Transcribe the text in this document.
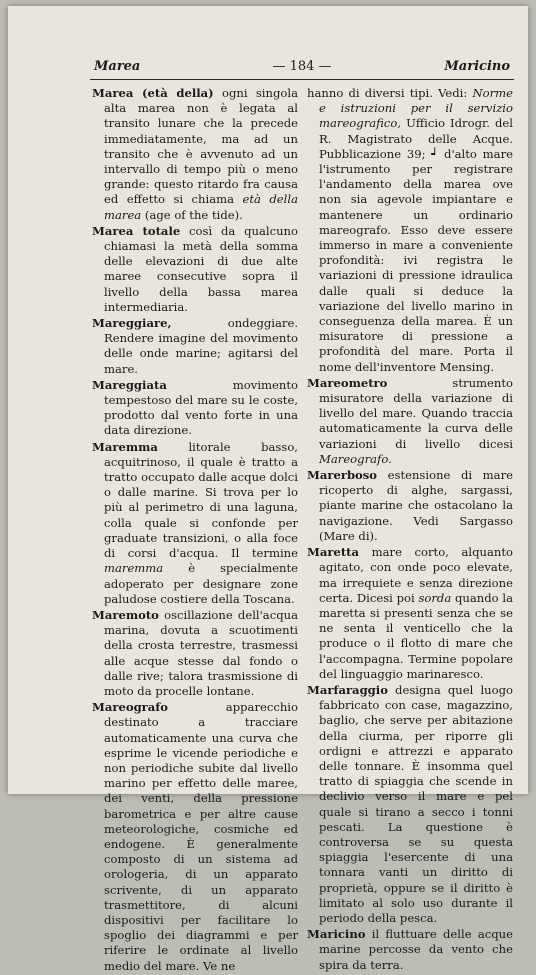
Marea	— 184 —	Maricino

Marea (età della) ogni singola alta marea non è legata al transito lunare che la precede immediatamente, ma ad un transito che è avvenuto ad un intervallo di tempo più o meno grande: questo ritardo fra causa ed effetto si chiama età della marea (age of the tide).

Marea totale così da qualcuno chiamasi la metà della somma delle elevazioni di due alte maree consecutive sopra il livello della bassa marea intermediaria.

Mareggiare, ondeggiare. Rendere imagine del movimento delle onde marine; agitarsi del mare.

Mareggiata movimento tempestoso del mare su le coste, prodotto dal vento forte in una data direzione.

Maremma litorale basso, acquitrinoso, il quale è tratto a tratto occupato dalle acque dolci o dalle marine. Si trova per lo più al perimetro di una laguna, colla quale si confonde per graduate transizioni, o alla foce di corsi d'acqua. Il termine maremma è specialmente adoperato per designare zone paludose costiere della Toscana.

Maremoto oscillazione dell'acqua marina, dovuta a scuotimenti della crosta terrestre, trasmessi alle acque stesse dal fondo o dalle rive; talora trasmissione di moto da procelle lontane.

Mareografo apparecchio destinato a tracciare automaticamente una curva che esprime le vicende periodiche e non periodiche subite dal livello marino per effetto delle maree, dei venti, della pressione barometrica e per altre cause meteorologiche, cosmiche ed endogene. È generalmente composto di un sistema ad orologeria, di un apparato scrivente, di un apparato trasmettitore, di alcuni dispositivi per facilitare lo spoglio dei diagrammi e per riferire le ordinate al livello medio del mare. Ve ne

hanno di diversi tipi. Vedi: Norme e istruzioni per il servizio mareografico, Ufficio Idrogr. del R. Magistrato delle Acque. Pubblicazione 39; ┙ d'alto mare l'istrumento per registrare l'andamento della marea ove non sia agevole impiantare e mantenere un ordinario mareografo. Esso deve essere immerso in mare a conveniente profondità: ivi registra le variazioni di pressione idraulica dalle quali si deduce la variazione del livello marino in conseguenza della marea. È un misuratore di pressione a profondità del mare. Porta il nome dell'inventore Mensing.

Mareometro strumento misuratore della variazione di livello del mare. Quando traccia automaticamente la curva delle variazioni di livello dicesi Mareografo.

Marerboso estensione di mare ricoperto di alghe, sargassi, piante marine che ostacolano la navigazione. Vedi Sargasso (Mare di).

Maretta mare corto, alquanto agitato, con onde poco elevate, ma irrequiete e senza direzione certa. Dicesi poi sorda quando la maretta si presenti senza che se ne senta il venticello che la produce o il flotto di mare che l'accompagna. Termine popolare del linguaggio marinaresco.

Marfaraggio designa quel luogo fabbricato con case, magazzino, baglio, che serve per abitazione della ciurma, per riporre gli ordigni e attrezzi e apparato delle tonnare. È insomma quel tratto di spiaggia che scende in declivio verso il mare e pel quale si tirano a secco i tonni pescati. La questione è controversa se su questa spiaggia l'esercente di una tonnara vanti un diritto di proprietà, oppure se il diritto è limitato al solo uso durante il periodo della pesca.

Maricino il fluttuare delle acque marine percosse da vento che spira da terra.
